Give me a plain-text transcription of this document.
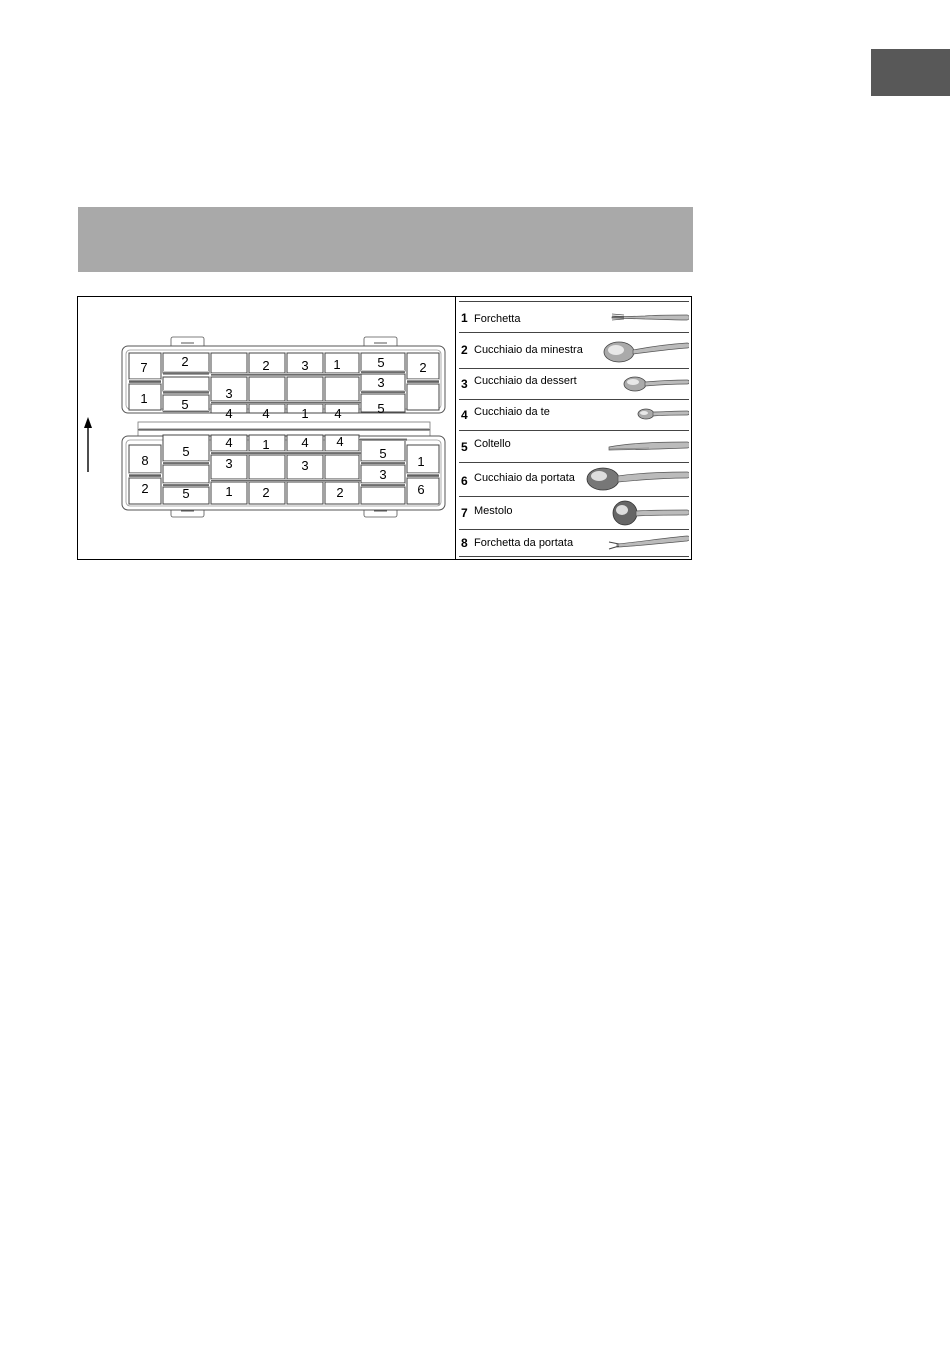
7
1
2
5
3
2 3 1
4 4 1 4
5
3
5
2
8
2
5
5
4 1 4 4
3	3
1 2	2
5
3
1
6
1 Forchetta
2 Cucchiaio da minestra
3 Cucchiaio da dessert
4 Cucchiaio da te
5 Coltello
6 Cucchiaio da portata
7 Mestolo
8 Forchetta da portata
